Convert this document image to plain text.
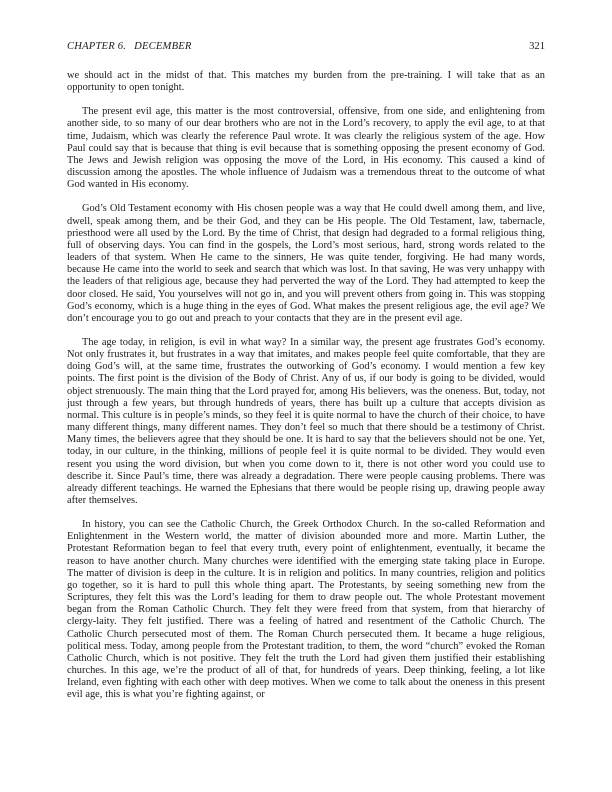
CHAPTER 6. DECEMBER	321

we should act in the midst of that. This matches my burden from the pre-training. I will take that as an opportunity to open tonight.

The present evil age, this matter is the most controversial, offensive, from one side, and enlightening from another side, to so many of our dear brothers who are not in the Lord’s recovery, to apply the evil age, to at that time, Judaism, which was clearly the reference Paul wrote. It was clearly the religious system of the age. How Paul could say that is because that thing is evil because that is something opposing the present economy of God. The Jews and Jewish religion was opposing the move of the Lord, in His economy. This caused a kind of discussion among the apostles. The whole influence of Judaism was a tremendous threat to the outcome of what God wanted in His economy.

God’s Old Testament economy with His chosen people was a way that He could dwell among them, and live, dwell, speak among them, and be their God, and they can be His people. The Old Testament, law, tabernacle, priesthood were all used by the Lord. By the time of Christ, that design had degraded to a formal religious thing, full of observing days. You can find in the gospels, the Lord’s most serious, hard, strong words related to the leaders of that system. When He came to the sinners, He was quite tender, forgiving. He had many words, because He came into the world to seek and search that which was lost. In that saving, He was very unhappy with the leaders of that religious age, because they had perverted the way of the Lord. They had attempted to keep the door closed. He said, You yourselves will not go in, and you will prevent others from going in. This was stopping God’s economy, which is a huge thing in the eyes of God. What makes the present religious age, the evil age? We don’t encourage you to go out and preach to your contacts that they are in the present evil age.

The age today, in religion, is evil in what way? In a similar way, the present age frustrates God’s economy. Not only frustrates it, but frustrates in a way that imitates, and makes people feel quite comfortable, that they are doing God’s will, at the same time, frustrates the outworking of God’s economy. I would mention a few key points. The first point is the division of the Body of Christ. Any of us, if our body is going to be divided, would object strenuously. The main thing that the Lord prayed for, among His believers, was the oneness. But, today, not just through a few years, but through hundreds of years, there has built up a culture that accepts division as normal. This culture is in people’s minds, so they feel it is quite normal to have the church of their choice, to have many different things, many different names. They don’t feel so much that there should be a testimony of Christ. Many times, the believers agree that they should be one. It is hard to say that the believers should not be one. Yet, today, in our culture, in the thinking, millions of people feel it is quite normal to be divided. They would even resent you using the word division, but when you come down to it, there is not other word you could use to describe it. Since Paul’s time, there was already a degradation. There were people causing problems. There was already different teachings. He warned the Ephesians that there would be people rising up, drawing people away after themselves.

In history, you can see the Catholic Church, the Greek Orthodox Church. In the so-called Reformation and Enlightenment in the Western world, the matter of division abounded more and more. Martin Luther, the Protestant Reformation began to feel that every truth, every point of enlightenment, eventually, it became the reason to have another church. Many churches were identified with the emerging state taking place in Europe. The matter of division is deep in the culture. It is in religion and politics. In many countries, religion and politics go together, so it is hard to pull this whole thing apart. The Protestants, by seeing something new from the Scriptures, they felt this was the Lord’s leading for them to draw people out. The whole Protestant movement began from the Roman Catholic Church. They felt they were freed from that system, from that hierarchy of clergy-laity. They felt justified. There was a feeling of hatred and resentment of the Catholic Church. The Catholic Church persecuted most of them. The Roman Church persecuted them. It became a huge religious, political mess. Today, among people from the Protestant tradition, to them, the word “church” evoked the Roman Catholic Church, which is not positive. They felt the truth the Lord had given them justified their establishing churches. In this age, we’re the product of all of that, for hundreds of years. Deep thinking, feeling, a lot like Ireland, even fighting with each other with deep motives. When we come to talk about the oneness in this present evil age, this is what you’re fighting against, or
